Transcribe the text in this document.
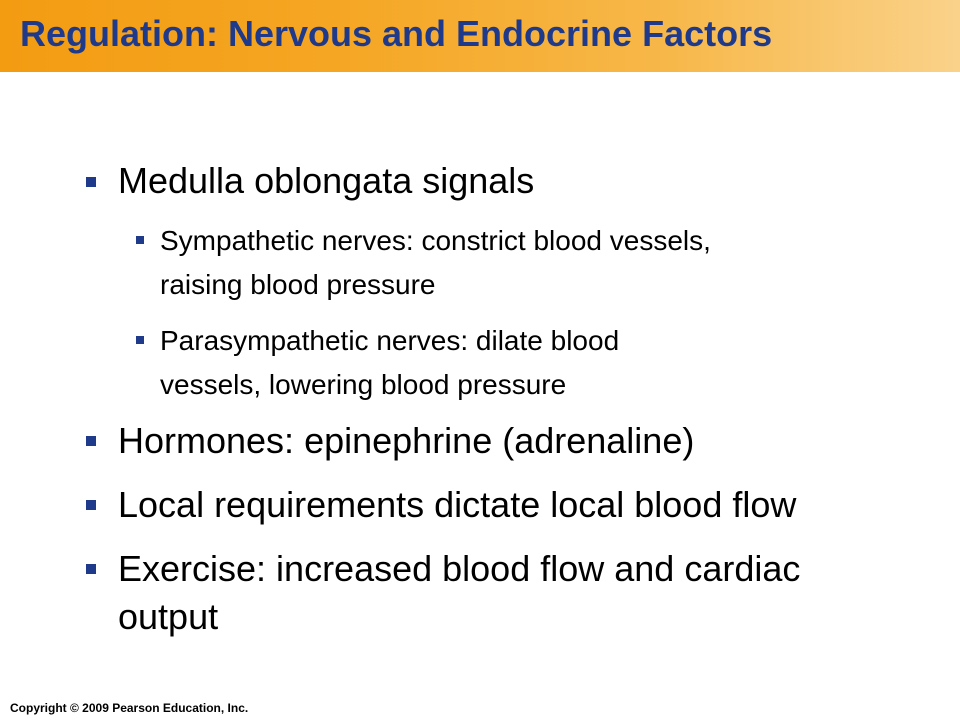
Regulation: Nervous and Endocrine Factors
Medulla oblongata signals
Sympathetic nerves: constrict blood vessels,
raising blood pressure
Parasympathetic nerves: dilate blood
vessels, lowering blood pressure
Hormones: epinephrine (adrenaline)
Local requirements dictate local blood flow
Exercise: increased blood flow and cardiac
output
Copyright © 2009 Pearson Education, Inc.
